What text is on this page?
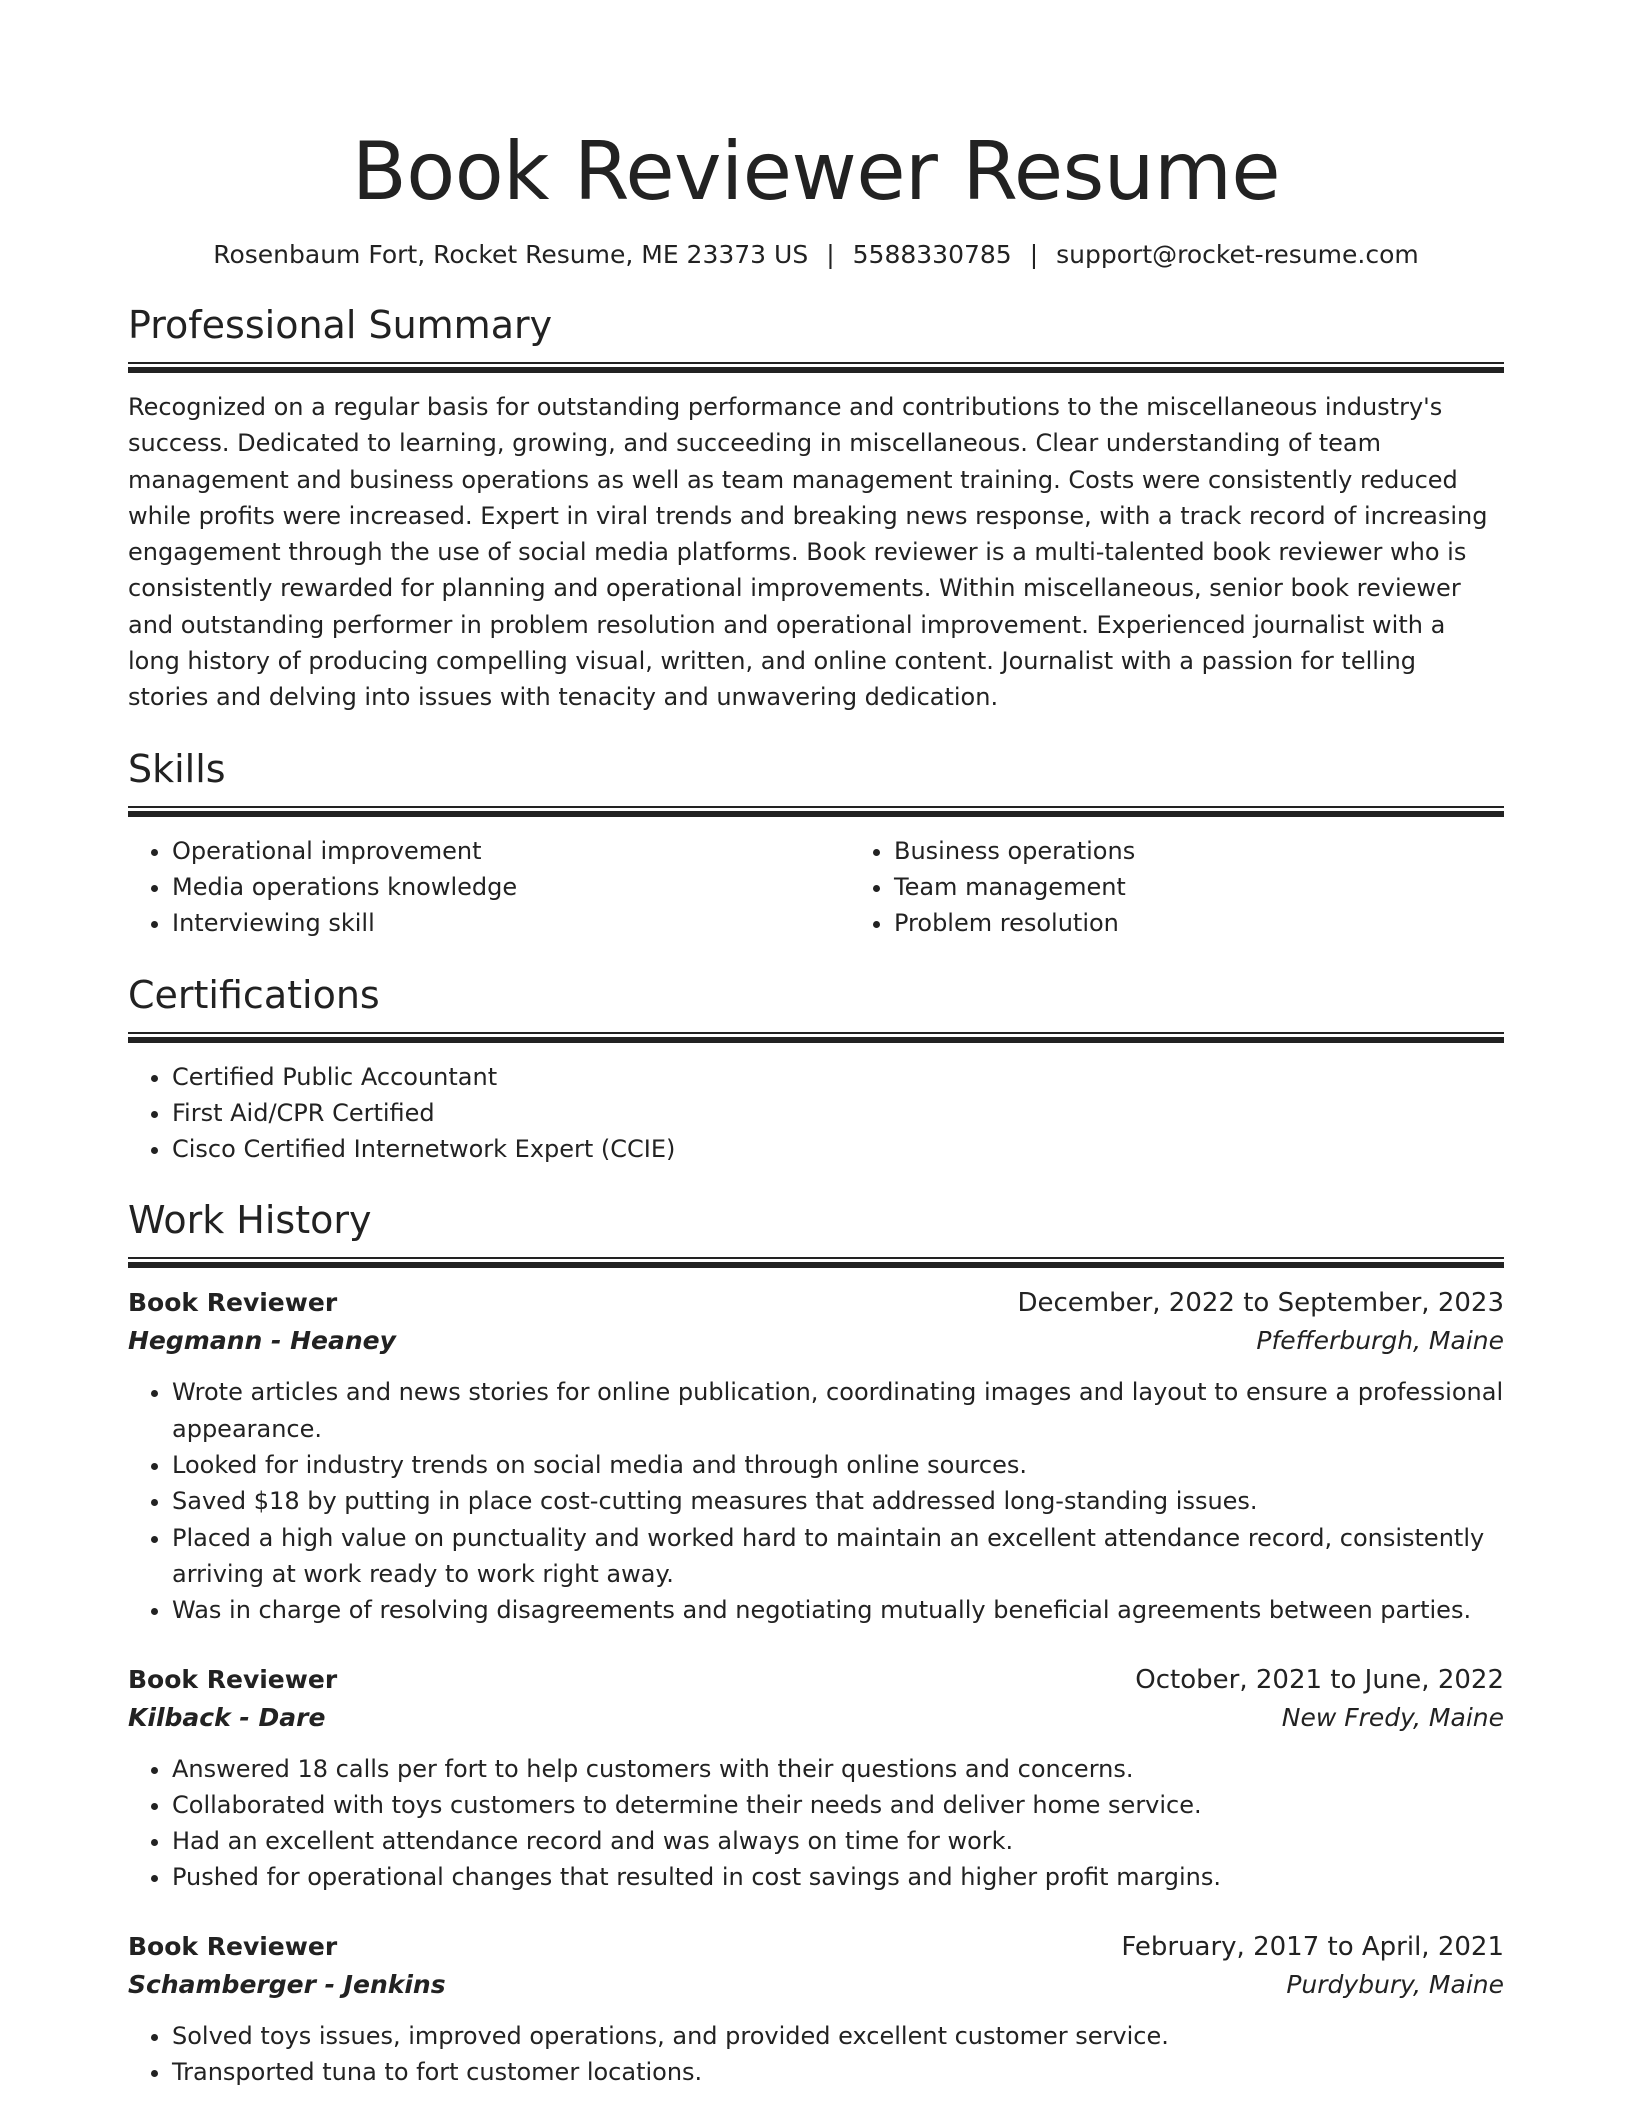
Book Reviewer Resume
Rosenbaum Fort, Rocket Resume, ME 23373 US | 5588330785 | support@rocket-resume.com
Professional Summary
Recognized on a regular basis for outstanding performance and contributions to the miscellaneous industry's success. Dedicated to learning, growing, and succeeding in miscellaneous. Clear understanding of team management and business operations as well as team management training. Costs were consistently reduced while profits were increased. Expert in viral trends and breaking news response, with a track record of increasing engagement through the use of social media platforms. Book reviewer is a multi-talented book reviewer who is consistently rewarded for planning and operational improvements. Within miscellaneous, senior book reviewer and outstanding performer in problem resolution and operational improvement. Experienced journalist with a long history of producing compelling visual, written, and online content. Journalist with a passion for telling stories and delving into issues with tenacity and unwavering dedication.
Skills
• Operational improvement
• Media operations knowledge
• Interviewing skill
• Business operations
• Team management
• Problem resolution
Certifications
• Certified Public Accountant
• First Aid/CPR Certified
• Cisco Certified Internetwork Expert (CCIE)
Work History
Book Reviewer	December, 2022 to September, 2023
Hegmann - Heaney	Pfefferburgh, Maine
• Wrote articles and news stories for online publication, coordinating images and layout to ensure a professional appearance.
• Looked for industry trends on social media and through online sources.
• Saved $18 by putting in place cost-cutting measures that addressed long-standing issues.
• Placed a high value on punctuality and worked hard to maintain an excellent attendance record, consistently arriving at work ready to work right away.
• Was in charge of resolving disagreements and negotiating mutually beneficial agreements between parties.
Book Reviewer	October, 2021 to June, 2022
Kilback - Dare	New Fredy, Maine
• Answered 18 calls per fort to help customers with their questions and concerns.
• Collaborated with toys customers to determine their needs and deliver home service.
• Had an excellent attendance record and was always on time for work.
• Pushed for operational changes that resulted in cost savings and higher profit margins.
Book Reviewer	February, 2017 to April, 2021
Schamberger - Jenkins	Purdybury, Maine
• Solved toys issues, improved operations, and provided excellent customer service.
• Transported tuna to fort customer locations.
